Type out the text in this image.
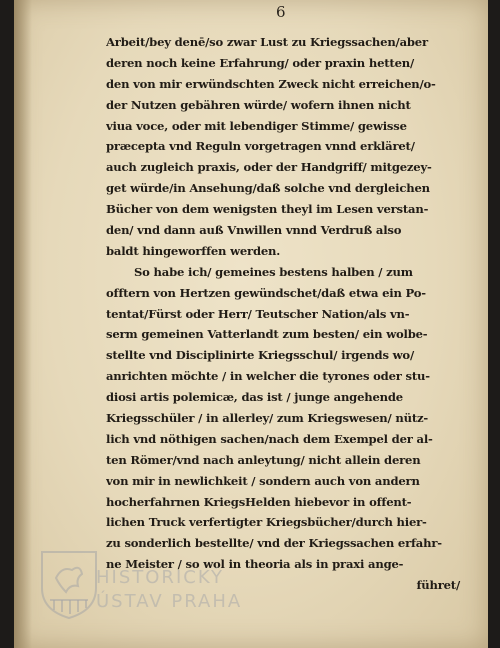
6
Arbeit/bey denē/so zwar Lust zu Kriegssachen/aber
deren noch keine Erfahrung/ oder praxin hetten/
den von mir erwündschten Zweck nicht erreichen/o-
der Nutzen gebähren würde/ wofern ihnen nicht
viua voce, oder mit lebendiger Stimme/ gewisse
præcepta vnd Reguln vorgetragen vnnd erkläret/
auch zugleich praxis, oder der Handgriff/ mitgezey-
get würde/in Ansehung/daß solche vnd dergleichen
Bücher von dem wenigsten theyl im Lesen verstan-
den/ vnd dann auß Vnwillen vnnd Verdruß also
baldt hingeworffen werden.
So habe ich/ gemeines bestens halben / zum
offtern von Hertzen gewündschet/daß etwa ein Po-
tentat/Fürst oder Herr/ Teutscher Nation/als vn-
serm gemeinen Vatterlandt zum besten/ ein wolbe-
stellte vnd Disciplinirte Kriegsschul/ irgends wo/
anrichten möchte / in welcher die tyrones oder stu-
diosi artis polemicæ, das ist / junge angehende
Kriegsschüler / in allerley/ zum Kriegswesen/ nütz-
lich vnd nöthigen sachen/nach dem Exempel der al-
ten Römer/vnd nach anleytung/ nicht allein deren
von mir in newlichkeit / sondern auch von andern
hocherfahrnen KriegsHelden hiebevor in offent-
lichen Truck verfertigter Kriegsbücher/durch hier-
zu sonderlich bestellte/ vnd der Kriegssachen erfahr-
ne Meister / so wol in theoria als in praxi ange-
führet/
HISTORICKÝ
ÚSTAV PRAHA
